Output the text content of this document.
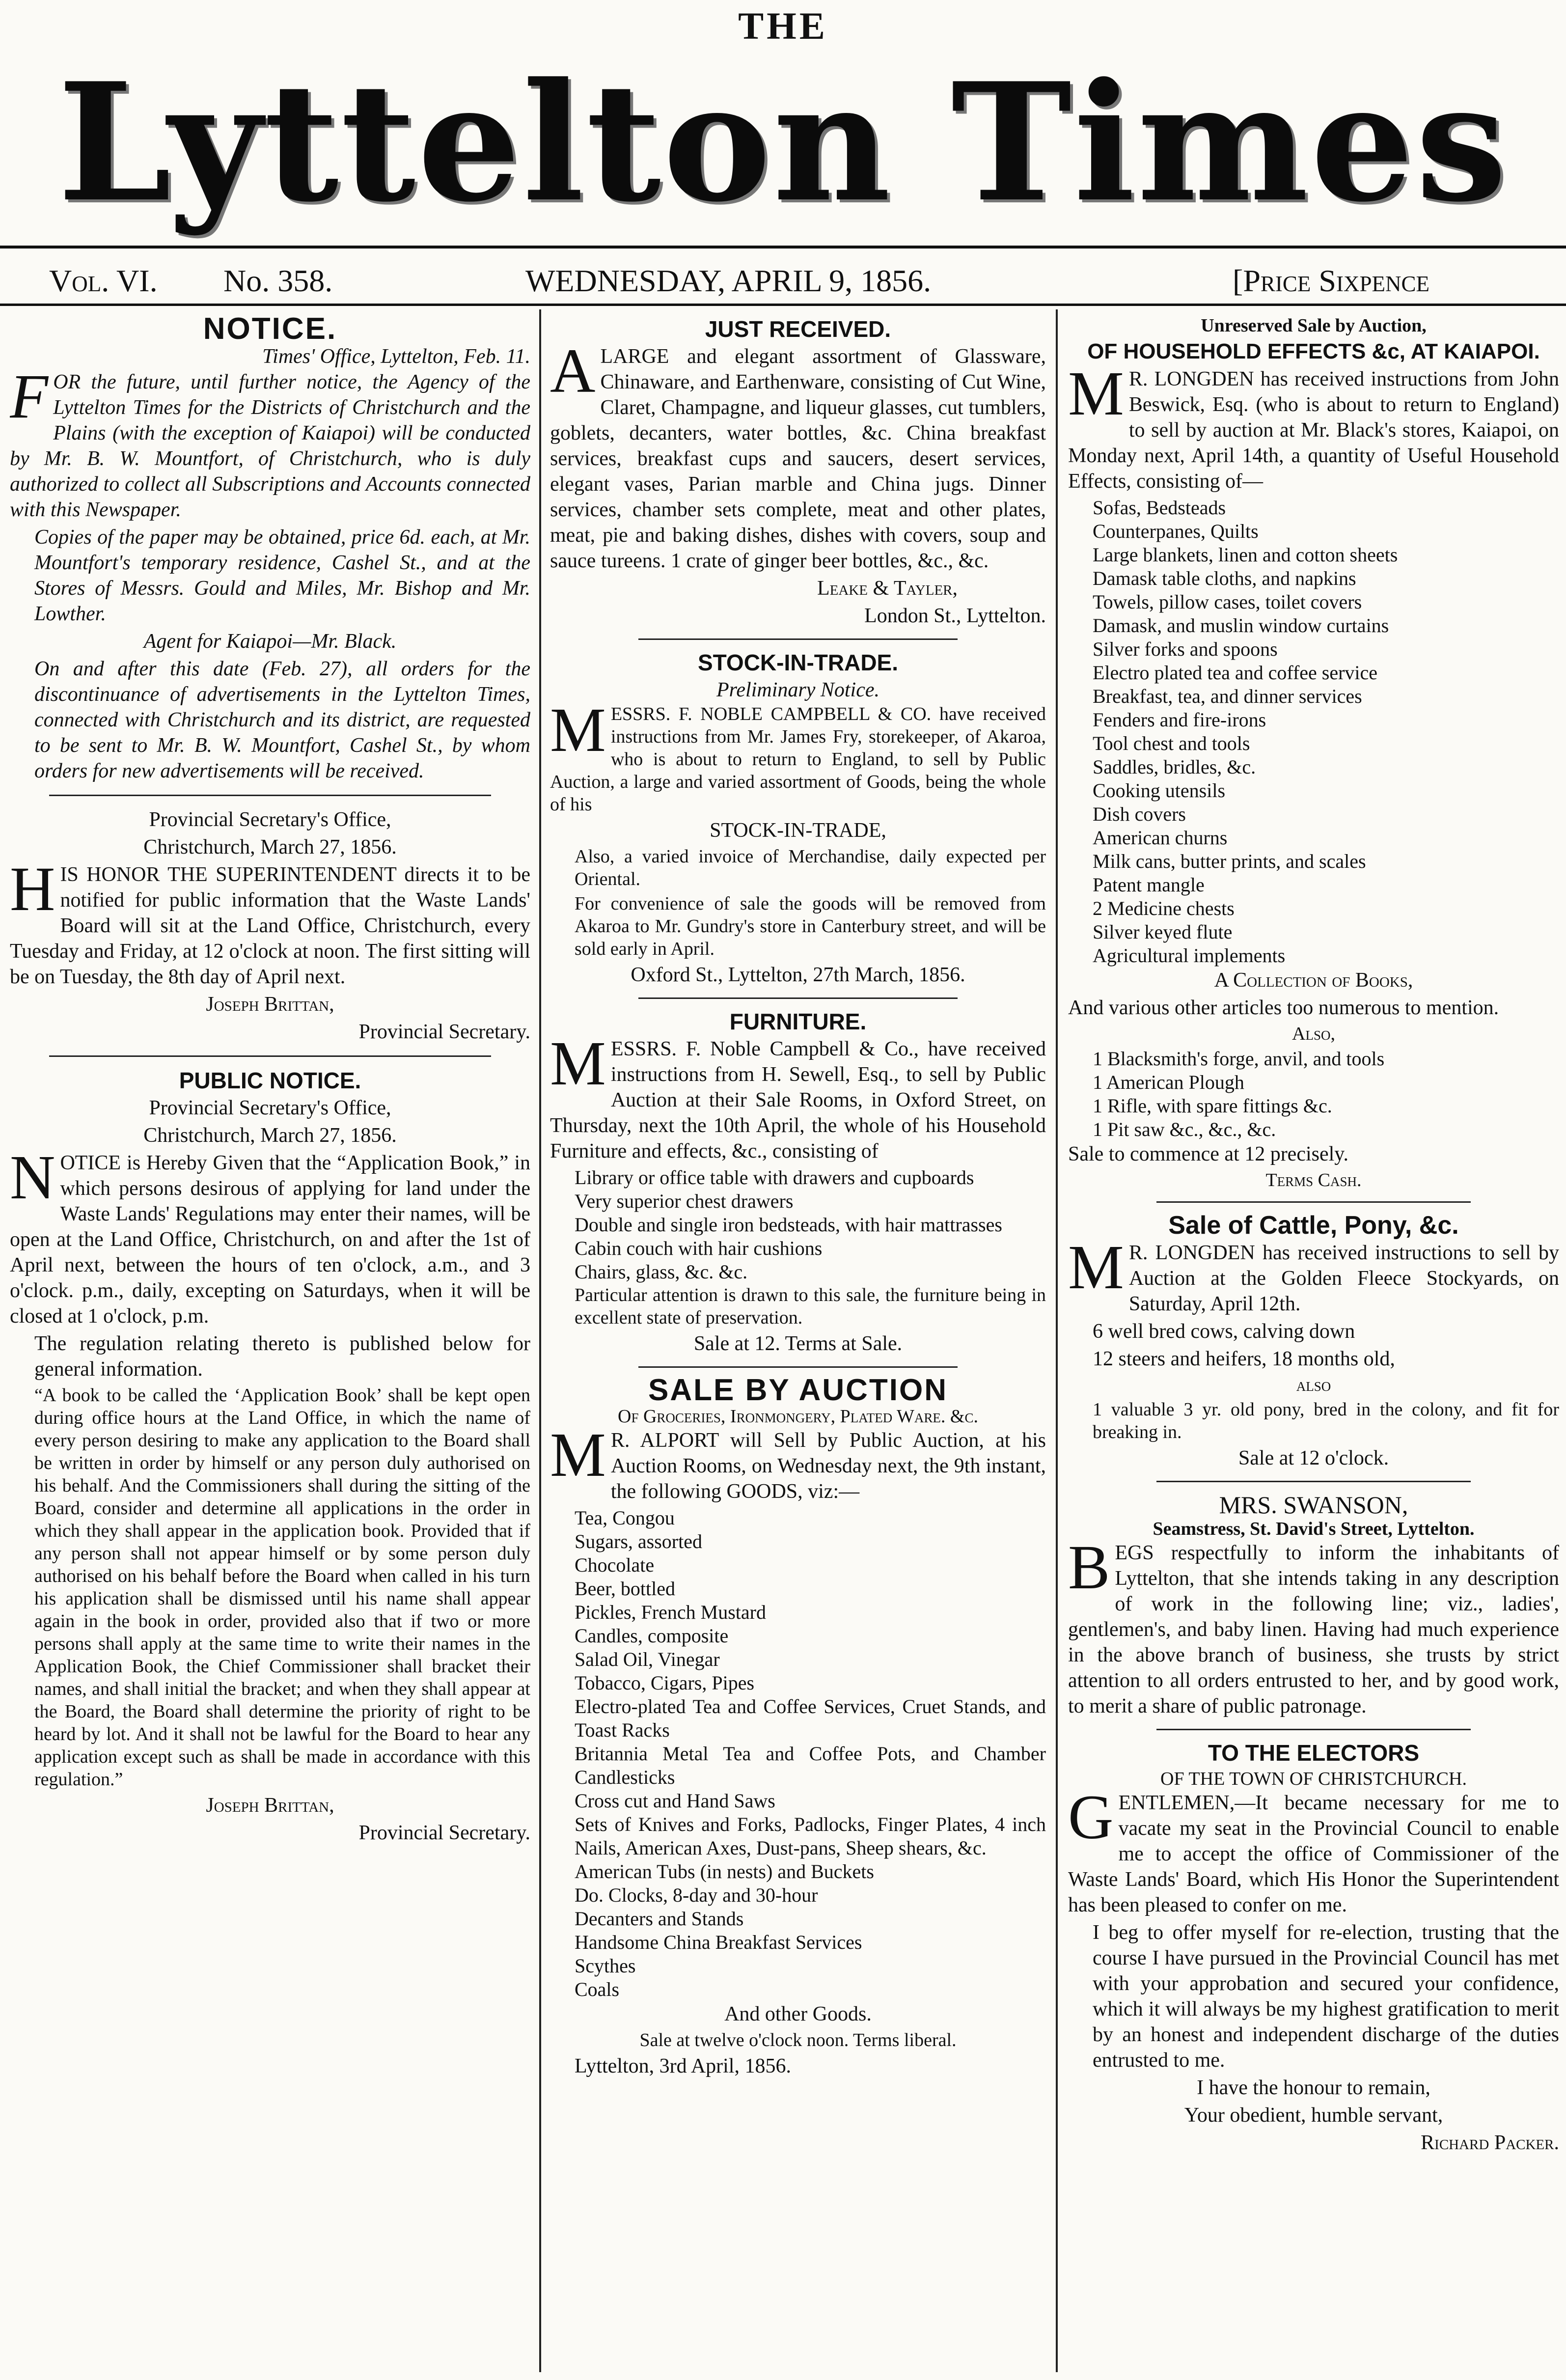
THE
Lyttelton Times
Vol. VI. No. 358.	WEDNESDAY, APRIL 9, 1856.	[Price Sixpence
NOTICE.
Times' Office, Lyttelton, Feb. 11.

FOR the future, until further notice, the Agency of the Lyttelton Times for the Districts of Christchurch and the Plains (with the exception of Kaiapoi) will be conducted by Mr. B. W. Mountfort, of Christchurch, who is duly authorized to collect all Subscriptions and Accounts connected with this Newspaper.

Copies of the paper may be obtained, price 6d. each, at Mr. Mountfort's temporary residence, Cashel St., and at the Stores of Messrs. Gould and Miles, Mr. Bishop and Mr. Lowther.

Agent for Kaiapoi—Mr. Black.

On and after this date (Feb. 27), all orders for the discontinuance of advertisements in the Lyttelton Times, connected with Christchurch and its district, are requested to be sent to Mr. B. W. Mountfort, Cashel St., by whom orders for new advertisements will be received.

Provincial Secretary's Office,

Christchurch, March 27, 1856.

HIS HONOR THE SUPERINTENDENT directs it to be notified for public information that the Waste Lands' Board will sit at the Land Office, Christchurch, every Tuesday and Friday, at 12 o'clock at noon. The first sitting will be on Tuesday, the 8th day of April next.

Joseph Brittan,

Provincial Secretary.

PUBLIC NOTICE.

Provincial Secretary's Office,

Christchurch, March 27, 1856.

NOTICE is Hereby Given that the “Application Book,” in which persons desirous of applying for land under the Waste Lands' Regulations may enter their names, will be open at the Land Office, Christchurch, on and after the 1st of April next, between the hours of ten o'clock, a.m., and 3 o'clock. p.m., daily, excepting on Saturdays, when it will be closed at 1 o'clock, p.m.

The regulation relating thereto is published below for general information.

“A book to be called the ‘Application Book’ shall be kept open during office hours at the Land Office, in which the name of every person desiring to make any application to the Board shall be written in order by himself or any person duly authorised on his behalf. And the Commissioners shall during the sitting of the Board, consider and determine all applications in the order in which they shall appear in the application book. Provided that if any person shall not appear himself or by some person duly authorised on his behalf before the Board when called in his turn his application shall be dismissed until his name shall appear again in the book in order, provided also that if two or more persons shall apply at the same time to write their names in the Application Book, the Chief Commissioner shall bracket their names, and shall initial the bracket; and when they shall appear at the Board, the Board shall determine the priority of right to be heard by lot. And it shall not be lawful for the Board to hear any application except such as shall be made in accordance with this regulation.”

Joseph Brittan,

Provincial Secretary.

JUST RECEIVED.

ALARGE and elegant assortment of Glassware, Chinaware, and Earthenware, consisting of Cut Wine, Claret, Champagne, and liqueur glasses, cut tumblers, goblets, decanters, water bottles, &c. China breakfast services, breakfast cups and saucers, desert services, elegant vases, Parian marble and China jugs. Dinner services, chamber sets complete, meat and other plates, meat, pie and baking dishes, dishes with covers, soup and sauce tureens. 1 crate of ginger beer bottles, &c., &c.

Leake & Tayler,

London St., Lyttelton.

STOCK-IN-TRADE.
Preliminary Notice.

MESSRS. F. NOBLE CAMPBELL & CO. have received instructions from Mr. James Fry, storekeeper, of Akaroa, who is about to return to England, to sell by Public Auction, a large and varied assortment of Goods, being the whole of his

STOCK-IN-TRADE,

Also, a varied invoice of Merchandise, daily expected per Oriental.

For convenience of sale the goods will be removed from Akaroa to Mr. Gundry's store in Canterbury street, and will be sold early in April.

Oxford St., Lyttelton, 27th March, 1856.

FURNITURE.

MESSRS. F. Noble Campbell & Co., have received instructions from H. Sewell, Esq., to sell by Public Auction at their Sale Rooms, in Oxford Street, on Thursday, next the 10th April, the whole of his Household Furniture and effects, &c., consisting of

Library or office table with drawers and cupboards
Very superior chest drawers
Double and single iron bedsteads, with hair mattrasses
Cabin couch with hair cushions
Chairs, glass, &c. &c.

Particular attention is drawn to this sale, the furniture being in excellent state of preservation.

Sale at 12. Terms at Sale.

SALE BY AUCTION
Of Groceries, Ironmongery, Plated Ware. &c.

M R. ALPORT will Sell by Public Auction, at his Auction Rooms, on Wednesday next, the 9th instant, the following GOODS, viz:—

Tea, Congou
Sugars, assorted
Chocolate
Beer, bottled
Pickles, French Mustard
Candles, composite
Salad Oil, Vinegar
Tobacco, Cigars, Pipes
Electro-plated Tea and Coffee Services, Cruet Stands, and Toast Racks
Britannia Metal Tea and Coffee Pots, and Chamber Candlesticks
Cross cut and Hand Saws
Sets of Knives and Forks, Padlocks, Finger Plates, 4 inch Nails, American Axes, Dust-pans, Sheep shears, &c.
American Tubs (in nests) and Buckets
Do. Clocks, 8-day and 30-hour
Decanters and Stands
Handsome China Breakfast Services
Scythes
Coals

And other Goods.

Sale at twelve o'clock noon. Terms liberal.

Lyttelton, 3rd April, 1856.

Unreserved Sale by Auction,
OF HOUSEHOLD EFFECTS &c, AT KAIAPOI.

M R. LONGDEN has received instructions from John Beswick, Esq. (who is about to return to England) to sell by auction at Mr. Black's stores, Kaiapoi, on Monday next, April 14th, a quantity of Useful Household Effects, consisting of—

Sofas, Bedsteads
Counterpanes, Quilts
Large blankets, linen and cotton sheets
Damask table cloths, and napkins
Towels, pillow cases, toilet covers
Damask, and muslin window curtains
Silver forks and spoons
Electro plated tea and coffee service
Breakfast, tea, and dinner services
Fenders and fire-irons
Tool chest and tools
Saddles, bridles, &c.
Cooking utensils
Dish covers
American churns
Milk cans, butter prints, and scales
Patent mangle
2 Medicine chests
Silver keyed flute
Agricultural implements

A Collection of Books,

And various other articles too numerous to mention.

Also,

1 Blacksmith's forge, anvil, and tools
1 American Plough
1 Rifle, with spare fittings &c.
1 Pit saw &c., &c., &c.

Sale to commence at 12 precisely.

Terms Cash.

Sale of Cattle, Pony, &c.

M R. LONGDEN has received instructions to sell by Auction at the Golden Fleece Stockyards, on Saturday, April 12th.

6 well bred cows, calving down

12 steers and heifers, 18 months old,

also

1 valuable 3 yr. old pony, bred in the colony, and fit for breaking in.

Sale at 12 o'clock.

MRS. SWANSON,
Seamstress, St. David's Street, Lyttelton.

BEGS respectfully to inform the inhabitants of Lyttelton, that she intends taking in any description of work in the following line; viz., ladies', gentlemen's, and baby linen. Having had much experience in the above branch of business, she trusts by strict attention to all orders entrusted to her, and by good work, to merit a share of public patronage.

TO THE ELECTORS
OF THE TOWN OF CHRISTCHURCH.

GENTLEMEN,—It became necessary for me to vacate my seat in the Provincial Council to enable me to accept the office of Commissioner of the Waste Lands' Board, which His Honor the Superintendent has been pleased to confer on me.

I beg to offer myself for re-election, trusting that the course I have pursued in the Provincial Council has met with your approbation and secured your confidence, which it will always be my highest gratification to merit by an honest and independent discharge of the duties entrusted to me.

I have the honour to remain,

Your obedient, humble servant,

Richard Packer.
